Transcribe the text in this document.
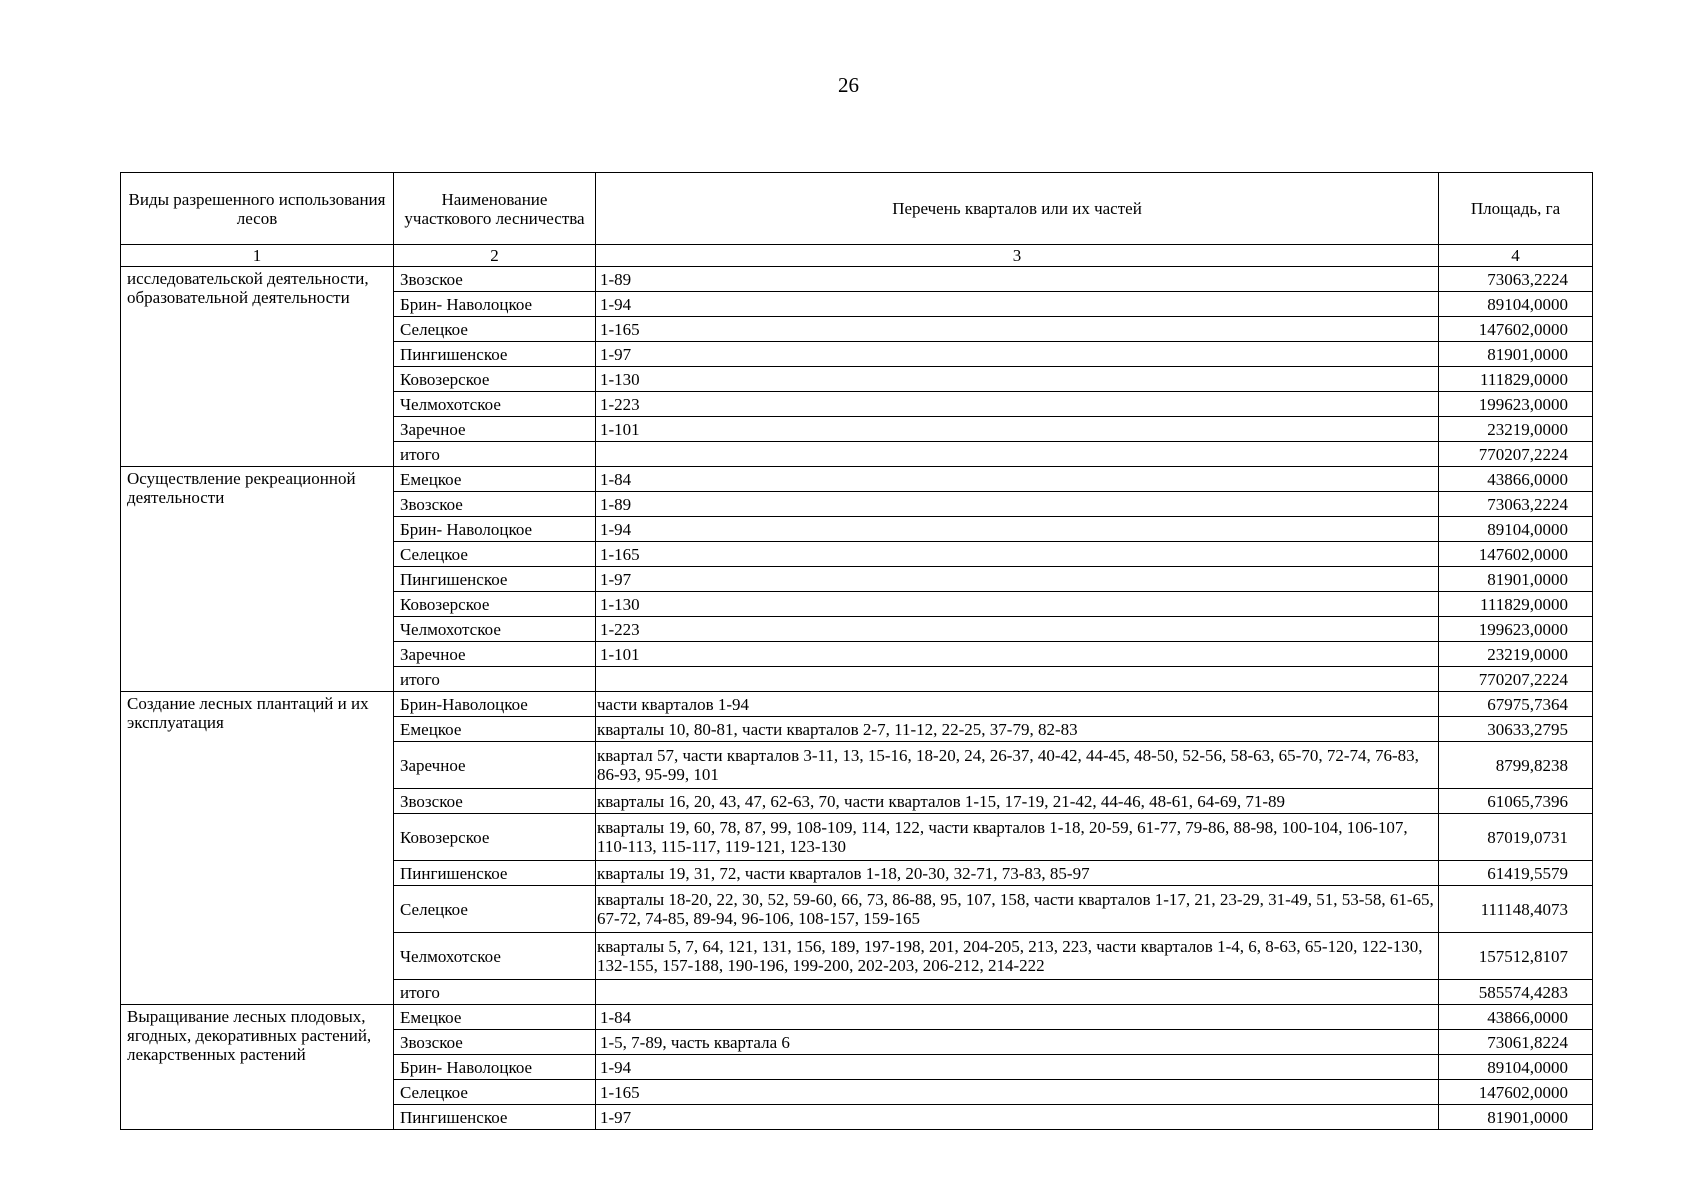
26
Виды разрешенного использования лесов	Наименование участкового лесничества	Перечень кварталов или их частей	Площадь, га
1	2	3	4
исследовательской деятельности, образовательной деятельности	Звозское	1-89	73063,2224
	Брин- Наволоцкое	1-94	89104,0000
	Селецкое	1-165	147602,0000
	Пингишенское	1-97	81901,0000
	Ковозерское	1-130	111829,0000
	Челмохотское	1-223	199623,0000
	Заречное	1-101	23219,0000
	итого		770207,2224
Осуществление рекреационной деятельности	Емецкое	1-84	43866,0000
	Звозское	1-89	73063,2224
	Брин- Наволоцкое	1-94	89104,0000
	Селецкое	1-165	147602,0000
	Пингишенское	1-97	81901,0000
	Ковозерское	1-130	111829,0000
	Челмохотское	1-223	199623,0000
	Заречное	1-101	23219,0000
	итого		770207,2224
Создание лесных плантаций и их эксплуатация	Брин-Наволоцкое	части кварталов 1-94	67975,7364
	Емецкое	кварталы 10, 80-81, части кварталов 2-7, 11-12, 22-25, 37-79, 82-83	30633,2795
	Заречное	квартал 57, части кварталов 3-11, 13, 15-16, 18-20, 24, 26-37, 40-42, 44-45, 48-50, 52-56, 58-63, 65-70, 72-74, 76-83, 86-93, 95-99, 101	8799,8238
	Звозское	кварталы 16, 20, 43, 47, 62-63, 70, части кварталов 1-15, 17-19, 21-42, 44-46, 48-61, 64-69, 71-89	61065,7396
	Ковозерское	кварталы 19, 60, 78, 87, 99, 108-109, 114, 122, части кварталов 1-18, 20-59, 61-77, 79-86, 88-98, 100-104, 106-107, 110-113, 115-117, 119-121, 123-130	87019,0731
	Пингишенское	кварталы 19, 31, 72, части кварталов 1-18, 20-30, 32-71, 73-83, 85-97	61419,5579
	Селецкое	кварталы 18-20, 22, 30, 52, 59-60, 66, 73, 86-88, 95, 107, 158, части кварталов 1-17, 21, 23-29, 31-49, 51, 53-58, 61-65, 67-72, 74-85, 89-94, 96-106, 108-157, 159-165	111148,4073
	Челмохотское	кварталы 5, 7, 64, 121, 131, 156, 189, 197-198, 201, 204-205, 213, 223, части кварталов 1-4, 6, 8-63, 65-120, 122-130, 132-155, 157-188, 190-196, 199-200, 202-203, 206-212, 214-222	157512,8107
	итого		585574,4283
Выращивание лесных плодовых, ягодных, декоративных растений, лекарственных растений	Емецкое	1-84	43866,0000
	Звозское	1-5, 7-89, часть квартала 6	73061,8224
	Брин- Наволоцкое	1-94	89104,0000
	Селецкое	1-165	147602,0000
	Пингишенское	1-97	81901,0000
